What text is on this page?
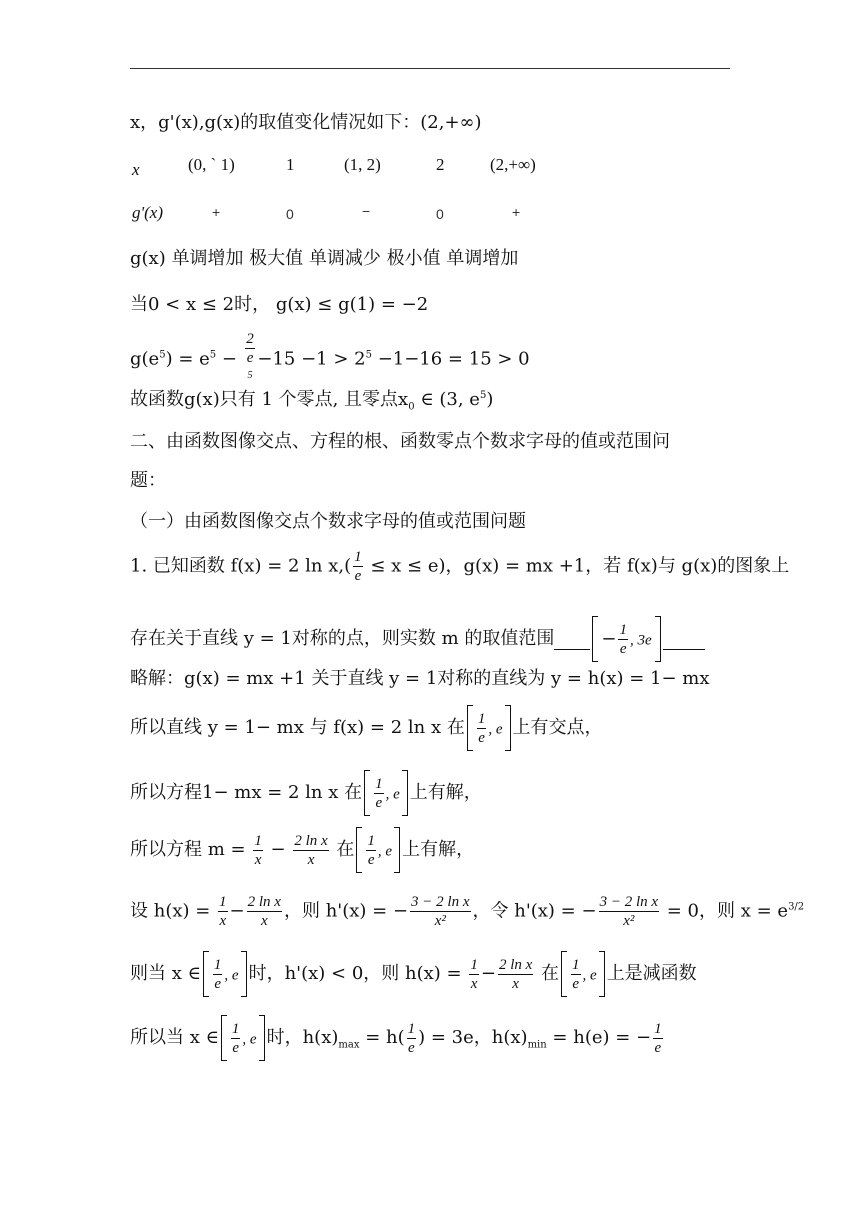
x，g'(x),g(x)的取值变化情况如下：(2,+∞)
x	(0, ` 1)	1	(1, 2)	2	(2,+∞)
g'(x)	+	0	−	0	+
g(x) 单调增加 极大值 单调减少 极小值 单调增加
当0 < x ≤ 2时， g(x) ≤ g(1) = −2
$g(e^5) = e^5 - 2$
e
$^5 -15 -1 > 2^5 -1-16 = 15 > 0$
故函数g(x)只有 1 个零点, 且零点$x_0$ ∈ (3, $e^5$)
二、由函数图像交点、方程的根、函数零点个数求字母的值或范围问
题：
（一）由函数图像交点个数求字母的值或范围问题
1. 已知函数 f(x) = 2 $\ln x,( \frac{1}{e} \le x \le e)$，g(x) = mx +1，若 f(x)与 g(x)的图象上
存在关于直线 y = 1对称的点，则实数 m 的取值范围	− $\frac{1}{e}$ , 3e

略解：g(x) = mx +1 关于直线 y = 1对称的直线为 y = h(x) = 1− mx
所以直线 y = 1− mx 与 f(x) = 2 ln x 在 $\frac{1}{e}$ , e 上有交点，
所以方程1− mx = 2 ln x 在 $\frac{1}{e}$ , e 上有解，
所以方程 $m = \frac{1}{x} - \frac{\text{2 ln x}}{x}$ 在 $\frac{1}{e}$ , e 上有解，
设 $h(x) = \frac{1}{x} - \frac{\text{2 ln x}}{x}$ ，则 h'(x) = − $\frac{\text{3 − 2 ln x}}{\text{x²}}$ ，令 h'(x) = − $\frac{\text{3 − 2 ln x}}{\text{x²}} = 0$，则 $x = e^{3/2}$
则当 x ∈ $\frac{1}{e}$ , e 时，h'(x) < 0，则 $h(x) = \frac{1}{x} - \frac{\text{2 ln x}}{x}$ 在 $\frac{1}{e}$ , e 上是减函数
所以当 x ∈ $\frac{1}{e}$ , e 时，$h(x)_{max} = h( \frac{1}{e}$ ) = 3e，$h(x)_{min} = h(e)$ = − $\frac{1}{e}$
